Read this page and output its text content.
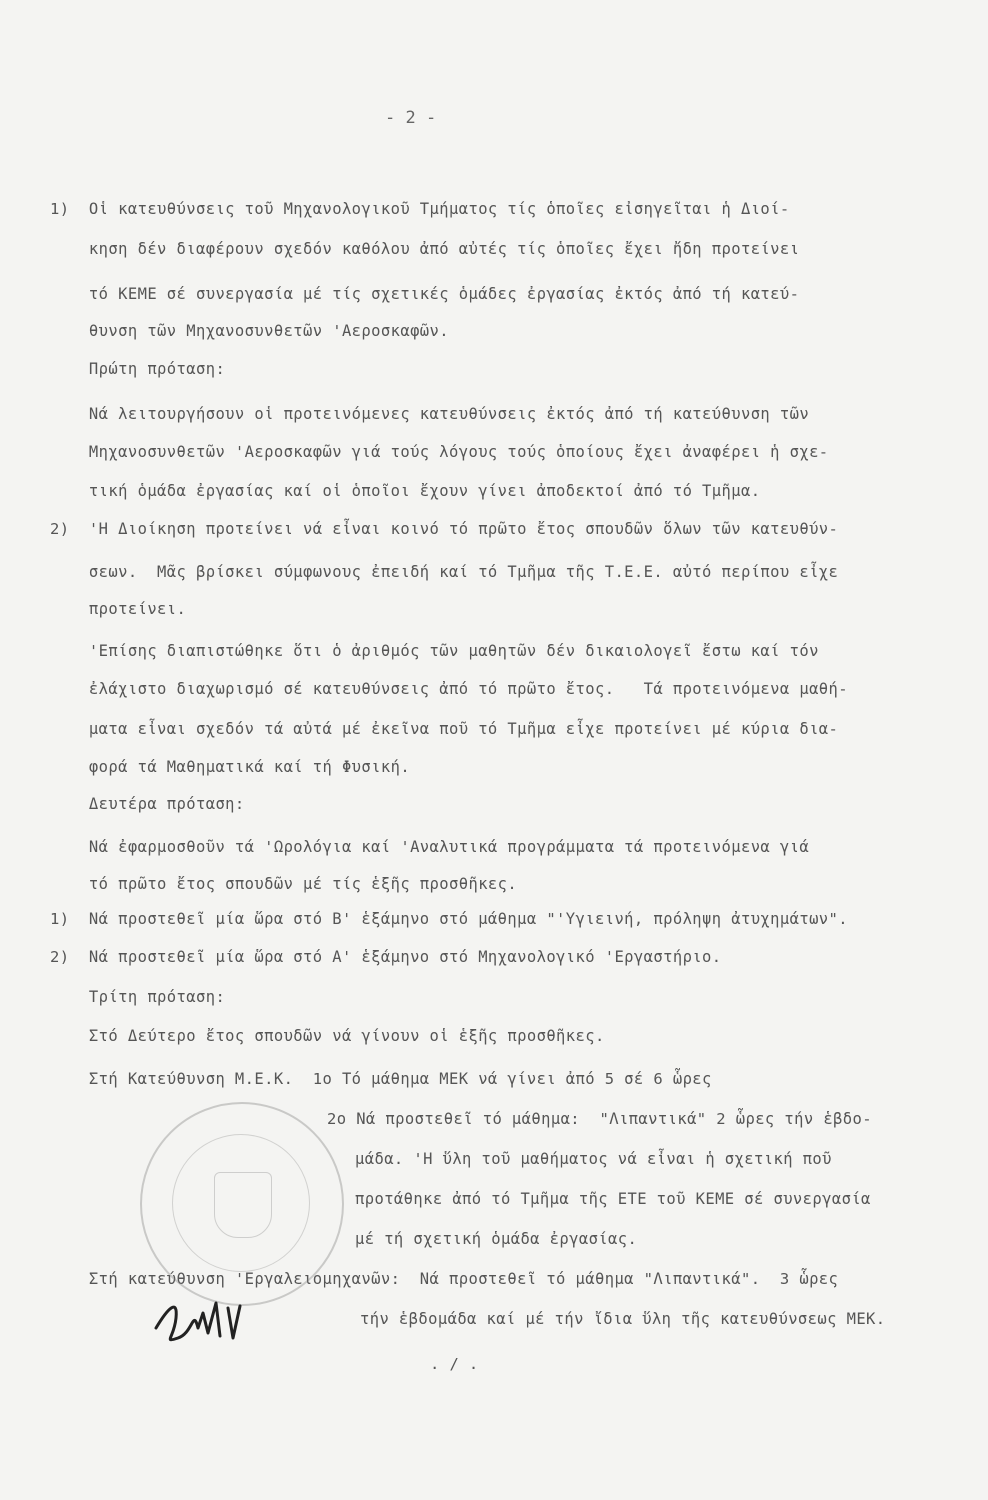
- 2 -
1)  Οἱ κατευθύνσεις τοῦ Μηχανολογικοῦ Τμήματος τίς ὁποῖες εἰσηγεῖται ἡ Διοί-
κηση δέν διαφέρουν σχεδόν καθόλου ἀπό αὐτές τίς ὁποῖες ἔχει ἤδη προτείνει
τό ΚΕΜΕ σέ συνεργασία μέ τίς σχετικές ὁμάδες ἐργασίας ἐκτός ἀπό τή κατεύ-
θυνση τῶν Μηχανοσυνθετῶν 'Αεροσκαφῶν.
Πρώτη πρόταση:
Νά λειτουργήσουν οἱ προτεινόμενες κατευθύνσεις ἐκτός ἀπό τή κατεύθυνση τῶν
Μηχανοσυνθετῶν 'Αεροσκαφῶν γιά τούς λόγους τούς ὁποίους ἔχει ἀναφέρει ἡ σχε-
τική ὁμάδα ἐργασίας καί οἱ ὁποῖοι ἔχουν γίνει ἀποδεκτοί ἀπό τό Τμῆμα.
2)  'Η Διοίκηση προτείνει νά εἶναι κοινό τό πρῶτο ἔτος σπουδῶν ὅλων τῶν κατευθύν-
σεων.  Μᾶς βρίσκει σύμφωνους ἐπειδή καί τό Τμῆμα τῆς Τ.Ε.Ε. αὐτό περίπου εἶχε
προτείνει.
'Επίσης διαπιστώθηκε ὅτι ὁ ἀριθμός τῶν μαθητῶν δέν δικαιολογεῖ ἔστω καί τόν
ἐλάχιστο διαχωρισμό σέ κατευθύνσεις ἀπό τό πρῶτο ἔτος.   Τά προτεινόμενα μαθή-
ματα εἶναι σχεδόν τά αὐτά μέ ἐκεῖνα ποῦ τό Τμῆμα εἶχε προτείνει μέ κύρια δια-
φορά τά Μαθηματικά καί τή Φυσική.
Δευτέρα πρόταση:
Νά ἐφαρμοσθοῦν τά 'Ωρολόγια καί 'Αναλυτικά προγράμματα τά προτεινόμενα γιά
τό πρῶτο ἔτος σπουδῶν μέ τίς ἑξῆς προσθῆκες.
1)  Νά προστεθεῖ μία ὥρα στό Β' ἑξάμηνο στό μάθημα "'Υγιεινή, πρόληψη ἀτυχημάτων".
2)  Νά προστεθεῖ μία ὥρα στό Α' ἑξάμηνο στό Μηχανολογικό 'Εργαστήριο.
Τρίτη πρόταση:
Στό Δεύτερο ἔτος σπουδῶν νά γίνουν οἱ ἑξῆς προσθῆκες.
Στή Κατεύθυνση Μ.Ε.Κ.  1ο Τό μάθημα ΜΕΚ νά γίνει ἀπό 5 σέ 6 ὧρες
2ο Νά προστεθεῖ τό μάθημα:  "Λιπαντικά" 2 ὧρες τήν ἑβδο-
μάδα. 'Η ὕλη τοῦ μαθήματος νά εἶναι ἡ σχετική ποῦ
προτάθηκε ἀπό τό Τμῆμα τῆς ΕΤΕ τοῦ ΚΕΜΕ σέ συνεργασία
μέ τή σχετική ὁμάδα ἐργασίας.
Στή κατεύθυνση 'Εργαλειομηχανῶν:  Νά προστεθεῖ τό μάθημα "Λιπαντικά".  3 ὧρες
τήν ἑβδομάδα καί μέ τήν ἴδια ὕλη τῆς κατευθύνσεως ΜΕΚ.
. / .
